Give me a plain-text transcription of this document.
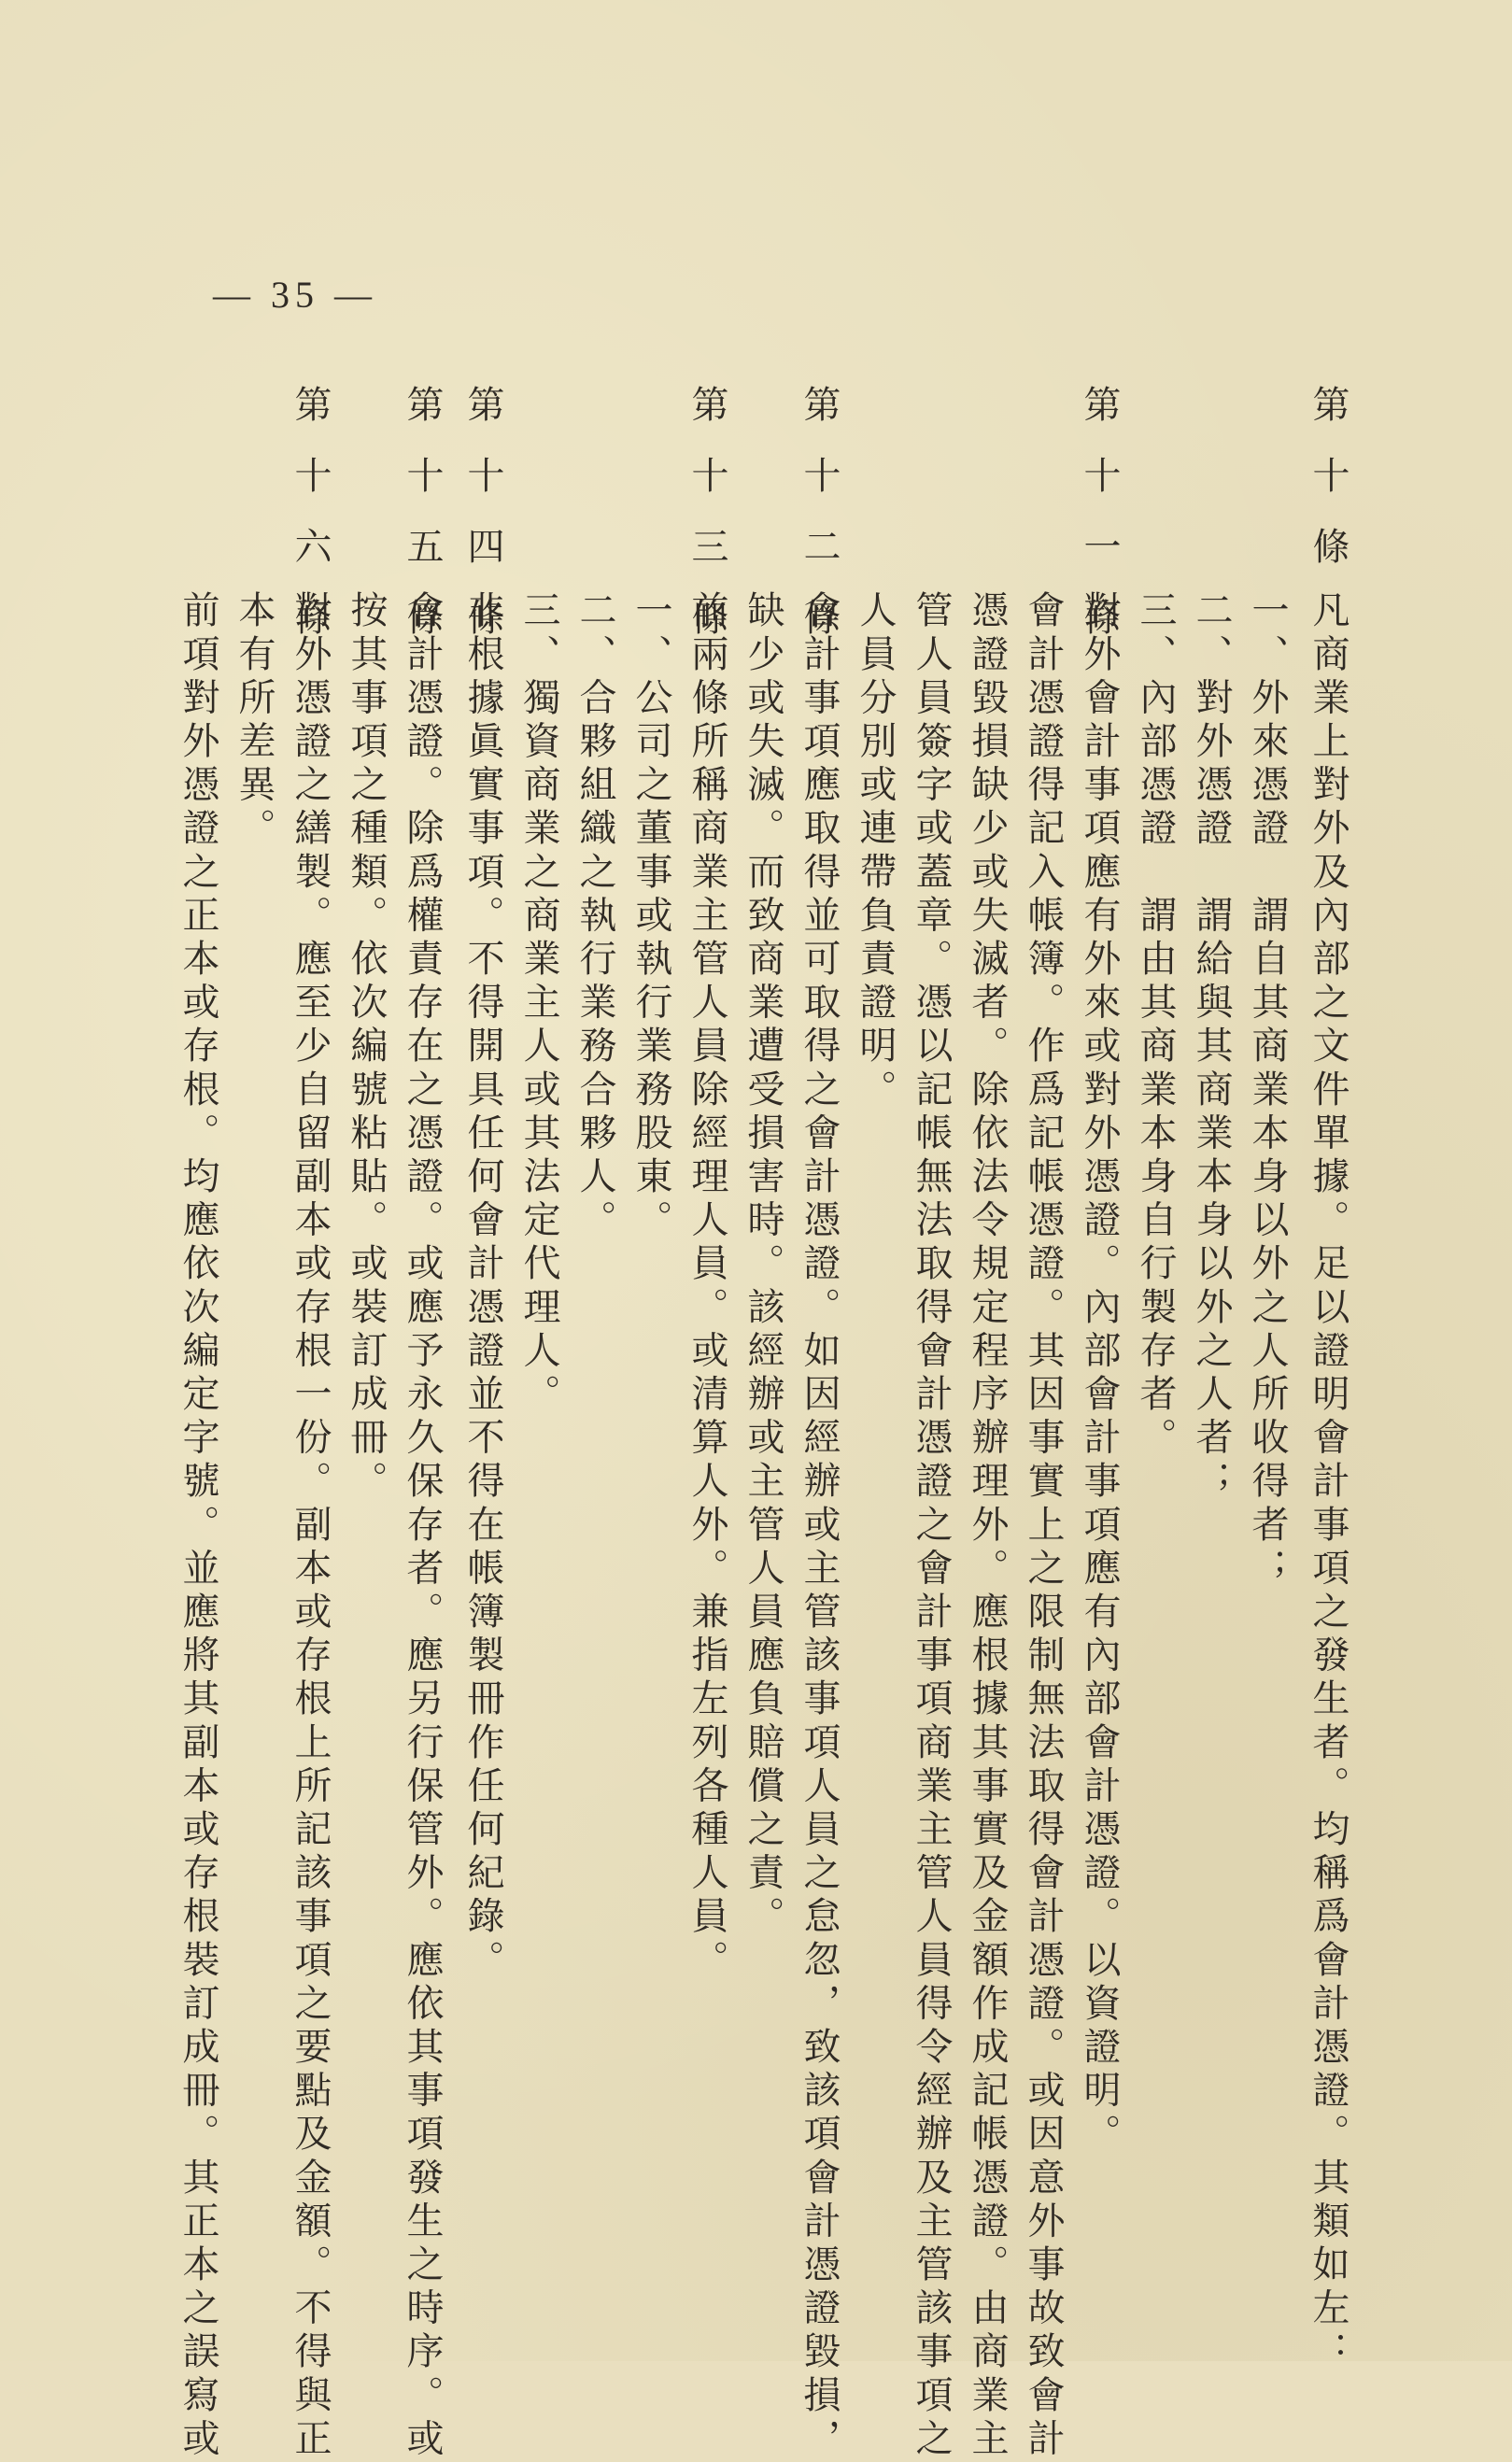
第十條
凡商業上對外及內部之文件單據。足以證明會計事項之發生者。均稱爲會計憑證。其類如左：
一、外來憑證　謂自其商業本身以外之人所收得者；
二、對外憑證　謂給與其商業本身以外之人者；
三、內部憑證　謂由其商業本身自行製存者。
第十一條
對外會計事項應有外來或對外憑證。內部會計事項應有內部會計憑證。以資證明。
會計憑證得記入帳簿。作爲記帳憑證。其因事實上之限制無法取得會計憑證。或因意外事故致會計
憑證毀損缺少或失滅者。除依法令規定程序辦理外。應根據其事實及金額作成記帳憑證。由商業主
管人員簽字或蓋章。憑以記帳無法取得會計憑證之會計事項商業主管人員得令經辦及主管該事項之
人員分別或連帶負責證明。
第十二條
會計事項應取得並可取得之會計憑證。如因經辦或主管該事項人員之怠忽，致該項會計憑證毀損，
缺少或失滅。而致商業遭受損害時。該經辦或主管人員應負賠償之責。
第十三條
前兩條所稱商業主管人員除經理人員。或清算人外。兼指左列各種人員。
一、公司之董事或執行業務股東。
二、合夥組織之執行業務合夥人。
三、獨資商業之商業主人或其法定代理人。
第十四條
非根據眞實事項。不得開具任何會計憑證並不得在帳簿製冊作任何紀錄。
第十五條
會計憑證。除爲權責存在之憑證。或應予永久保存者。應另行保管外。應依其事項發生之時序。或
按其事項之種類。依次編號粘貼。或裝訂成冊。
第十六條
對外憑證之繕製。應至少自留副本或存根一份。副本或存根上所記該事項之要點及金額。不得與正
本有所差異。
前項對外憑證之正本或存根。均應依次編定字號。並應將其副本或存根裝訂成冊。其正本之誤寫或
— 35 —
